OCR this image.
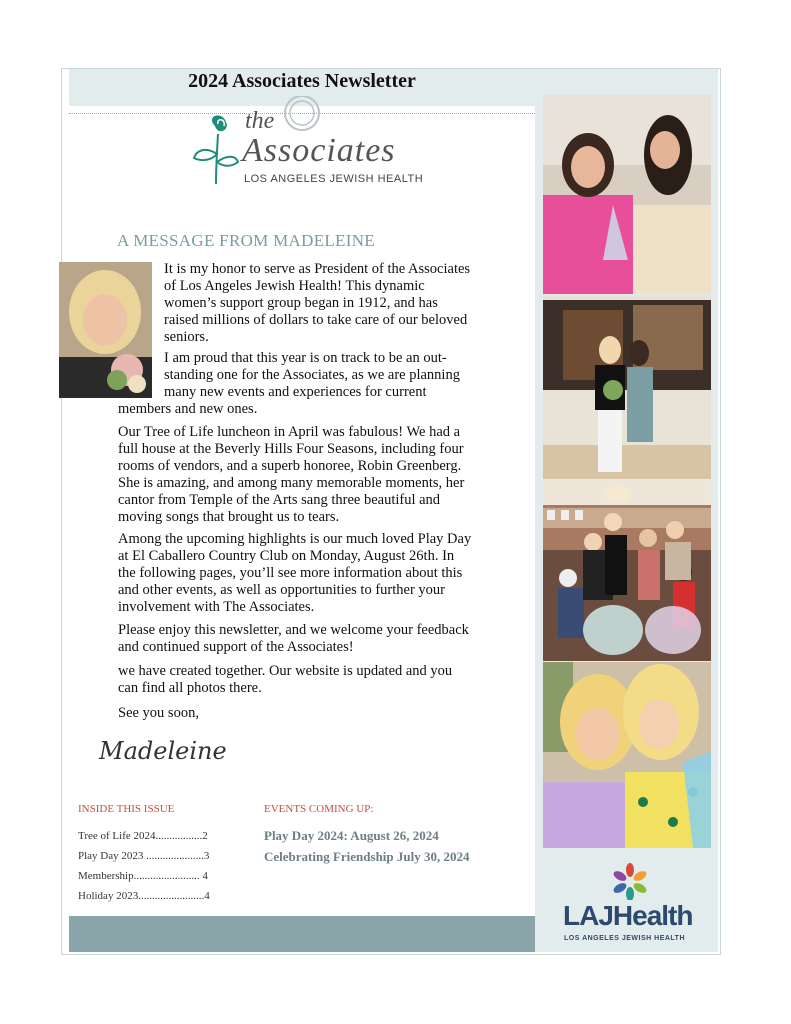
2024 Associates Newsletter
the
Associates
LOS ANGELES JEWISH HEALTH
A MESSAGE FROM MADELEINE
It is my honor to serve as President of the Associates
of Los Angeles Jewish Health! This dynamic
women’s support group began in 1912, and has
raised millions of dollars to take care of our beloved
seniors.
I am proud that this year is on track to be an out-
standing one for the Associates, as we are planning
many new events and experiences for current
members and new ones.
Our Tree of Life luncheon in April was fabulous! We had a
full house at the Beverly Hills Four Seasons, including four
rooms of vendors, and a superb honoree, Robin Greenberg.
She is amazing, and among many memorable moments, her
cantor from Temple of the Arts sang three beautiful and
moving songs that brought us to tears.
Among the upcoming highlights is our much loved Play Day
at El Caballero Country Club on Monday, August 26th. In
the following pages, you’ll see more information about this
and other events, as well as opportunities to further your
involvement with The Associates.
Please enjoy this newsletter, and we welcome your feedback
and continued support of the Associates!
we have created together. Our website is updated and you
can find all photos there.
See you soon,
Madeleine
INSIDE THIS ISSUE
Tree of Life 2024.................2
Play Day 2023 .....................3
Membership........................ 4
Holiday 2023........................4
EVENTS COMING UP:
Play Day 2024: August 26, 2024
Celebrating Friendship July 30, 2024
LAJHealth
LOS ANGELES JEWISH HEALTH
